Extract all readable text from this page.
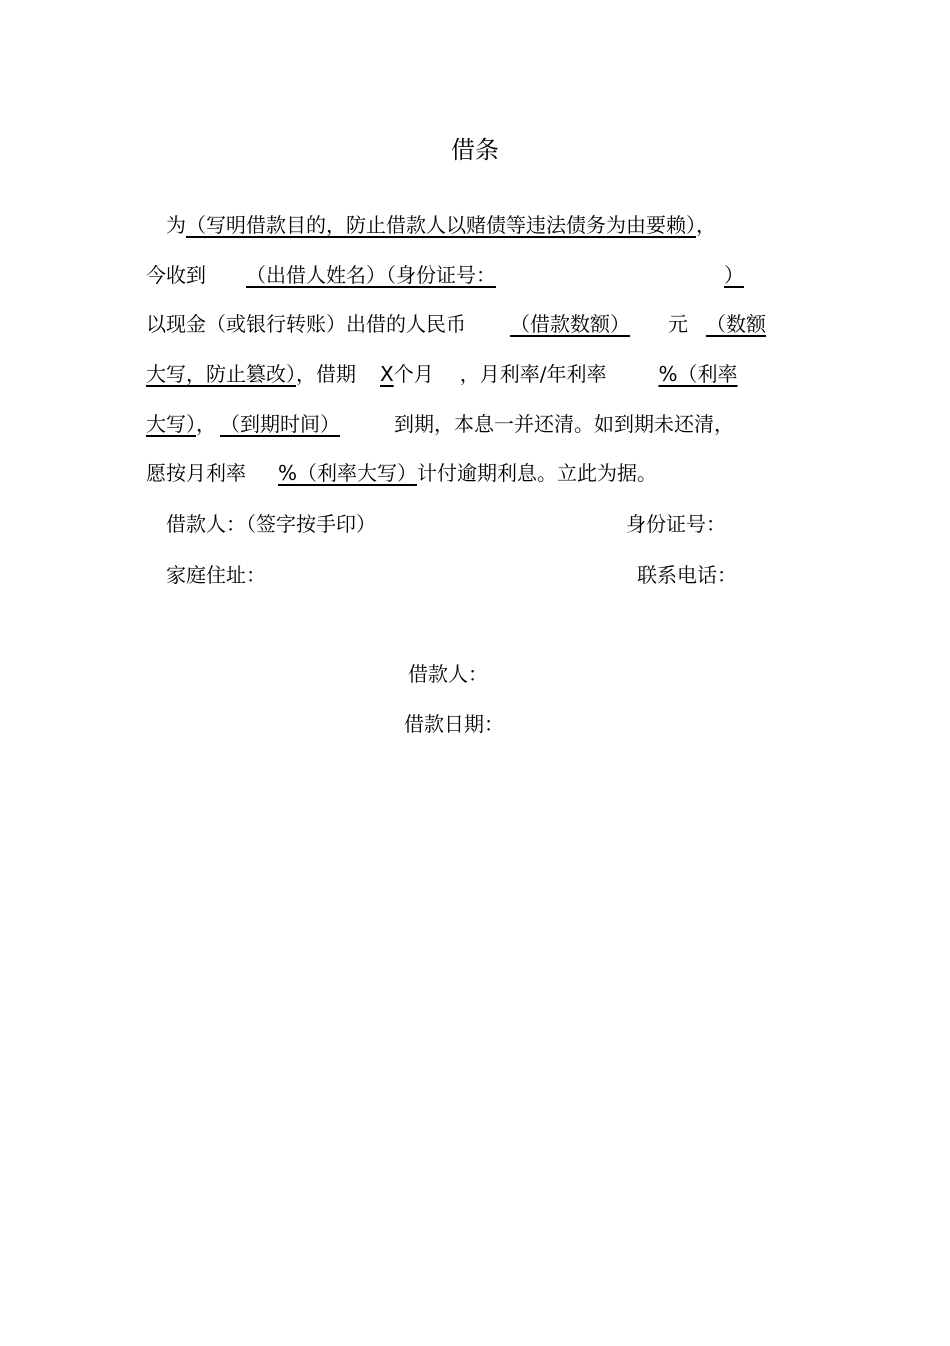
借条
为（写明借款目的，防止借款人以赌债等违法债务为由要赖），
今收到 （出借人姓名）（身份证号：	）
以现金（或银行转账）出借的人民币 （借款数额） 元 （数额
大写，防止篡改），借期 X个月 ，月利率/年利率	%（利率
大写）， （到期时间）	到期，本息一并还清。如到期未还清，
愿按月利率 %（利率大写）计付逾期利息。立此为据。
借款人：（签字按手印）	身份证号：
家庭住址：	联系电话：
借款人：
借款日期：
